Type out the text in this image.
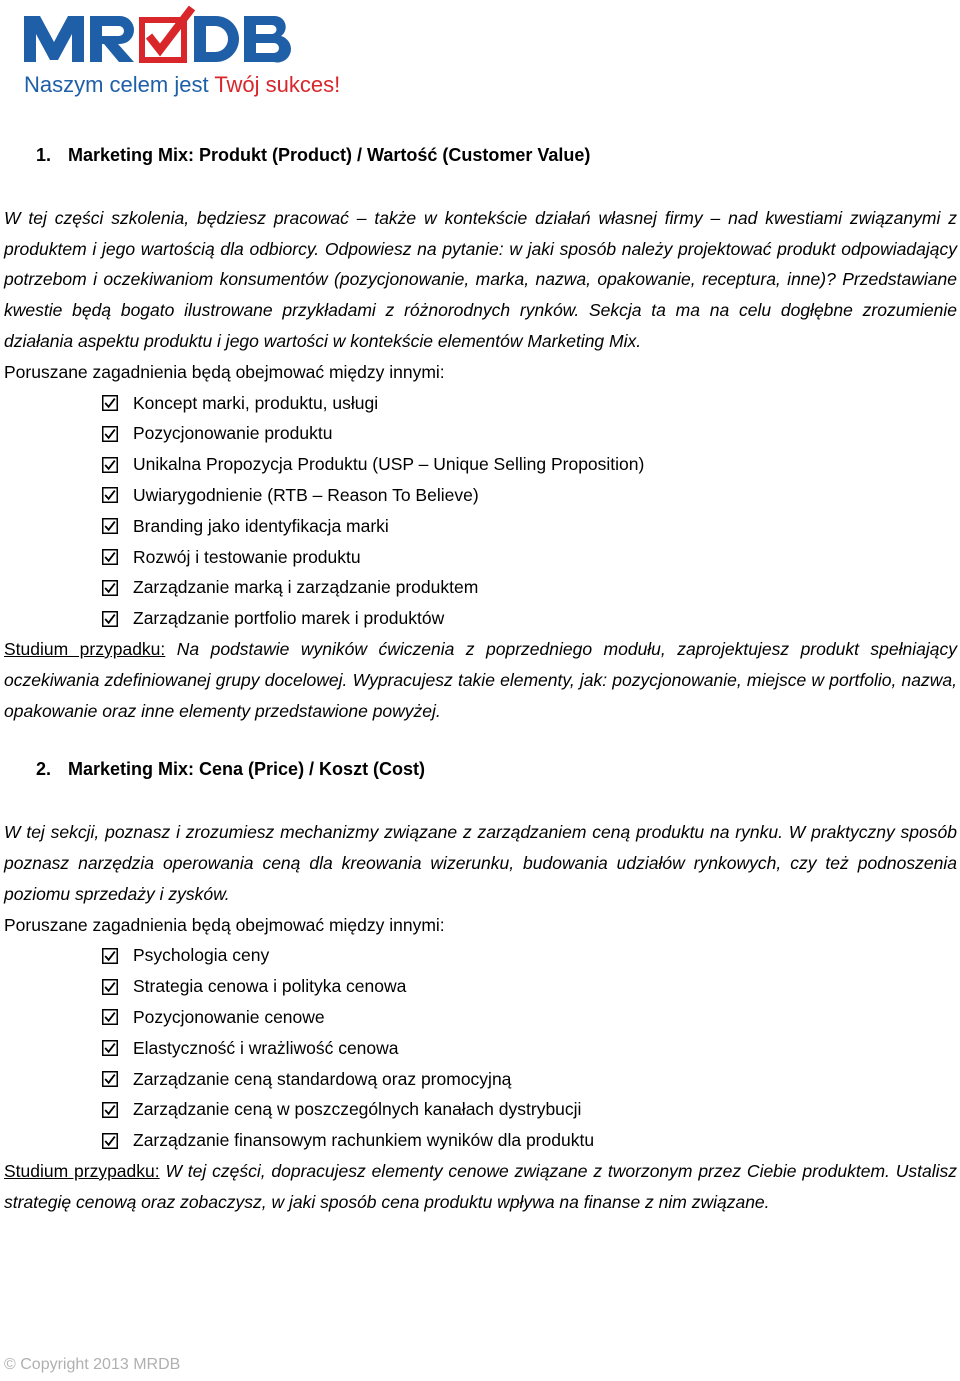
Naszym celem jest Twój sukces!
1. Marketing Mix: Produkt (Product) / Wartość (Customer Value)

W tej części szkolenia, będziesz pracować – także w kontekście działań własnej firmy – nad kwestiami związanymi z produktem i jego wartością dla odbiorcy. Odpowiesz na pytanie: w jaki sposób należy projektować produkt odpowiadający potrzebom i oczekiwaniom konsumentów (pozycjonowanie, marka, nazwa, opakowanie, receptura, inne)? Przedstawiane kwestie będą bogato ilustrowane przykładami z różnorodnych rynków. Sekcja ta ma na celu dogłębne zrozumienie działania aspektu produktu i jego wartości w kontekście elementów Marketing Mix.

Poruszane zagadnienia będą obejmować między innymi:

Koncept marki, produktu, usługi
Pozycjonowanie produktu
Unikalna Propozycja Produktu (USP – Unique Selling Proposition)
Uwiarygodnienie (RTB – Reason To Believe)
Branding jako identyfikacja marki
Rozwój i testowanie produktu
Zarządzanie marką i zarządzanie produktem
Zarządzanie portfolio marek i produktów

Studium przypadku: Na podstawie wyników ćwiczenia z poprzedniego modułu, zaprojektujesz produkt spełniający oczekiwania zdefiniowanej grupy docelowej. Wypracujesz takie elementy, jak: pozycjonowanie, miejsce w portfolio, nazwa, opakowanie oraz inne elementy przedstawione powyżej.

2. Marketing Mix: Cena (Price) / Koszt (Cost)

W tej sekcji, poznasz i zrozumiesz mechanizmy związane z zarządzaniem ceną produktu na rynku. W praktyczny sposób poznasz narzędzia operowania ceną dla kreowania wizerunku, budowania udziałów rynkowych, czy też podnoszenia poziomu sprzedaży i zysków.

Poruszane zagadnienia będą obejmować między innymi:

Psychologia ceny
Strategia cenowa i polityka cenowa
Pozycjonowanie cenowe
Elastyczność i wrażliwość cenowa
Zarządzanie ceną standardową oraz promocyjną
Zarządzanie ceną w poszczególnych kanałach dystrybucji
Zarządzanie finansowym rachunkiem wyników dla produktu

Studium przypadku: W tej części, dopracujesz elementy cenowe związane z tworzonym przez Ciebie produktem. Ustalisz strategię cenową oraz zobaczysz, w jaki sposób cena produktu wpływa na finanse z nim związane.

© Copyright 2013 MRDB
